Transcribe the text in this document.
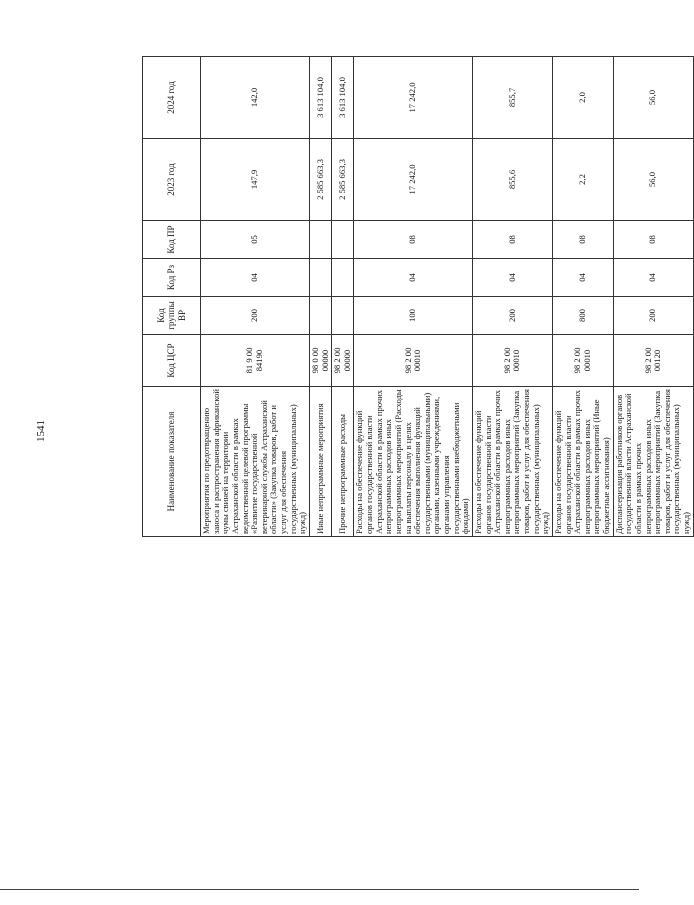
1541	Наименование показателя	Код ЦСР	Код группы ВР	Код Рз	Код ПР	2023 год	2024 год
Мероприятия по предотвращению заноса и распространения африканской чумы свиней на территории Астраханской области в рамках ведомственной целевой программы «Развитие государственной ветеринарной службы Астраханской области» (Закупка товаров, работ и услуг для обеспечения государственных (муниципальных) нужд)	81 9 00 84190	200	04	05	147,9	142,0
Иные непрограммные мероприятия	98 0 00 00000				2 585 663,3	3 613 104,0
Прочие непрограммные расходы	98 2 00 00000				2 585 663,3	3 613 104,0
Расходы на обеспечение функций органов государственной власти Астраханской области в рамках прочих непрограммных расходов иных непрограммных мероприятий (Расходы на выплаты персоналу в целях обеспечения выполнения функций государственными (муниципальными) органами, казенными учреждениями, органами управления государственными внебюджетными фондами)	98 2 00 00010	100	04	08	17 242,0	17 242,0
Расходы на обеспечение функций органов государственной власти Астраханской области в рамках прочих непрограммных расходов иных непрограммных мероприятий (Закупка товаров, работ и услуг для обеспечения государственных (муниципальных) нужд)	98 2 00 00010	200	04	08	855,6	855,7
Расходы на обеспечение функций органов государственной власти Астраханской области в рамках прочих непрограммных расходов иных непрограммных мероприятий (Иные бюджетные ассигнования)	98 2 00 00010	800	04	08	2,2	2,0
Диспансеризация работников органов государственной власти Астраханской области в рамках прочих непрограммных расходов иных непрограммных мероприятий (Закупка товаров, работ и услуг для обеспечения государственных (муниципальных) нужд)	98 2 00 00120	200	04	08	56,0	56,0
